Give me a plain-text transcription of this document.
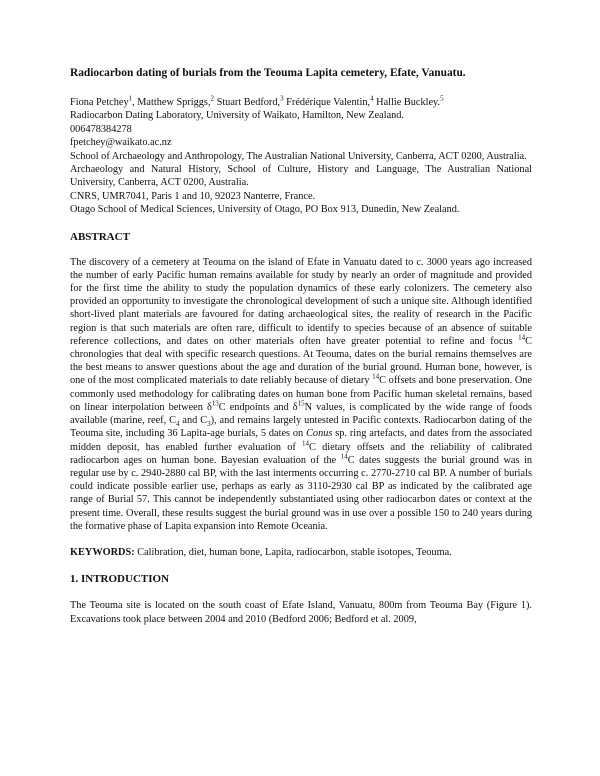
Radiocarbon dating of burials from the Teouma Lapita cemetery, Efate, Vanuatu.

Fiona Petchey$^1$, Matthew Spriggs,$^2$ Stuart Bedford,$^3$ Frédérique Valentin,$^4$ Hallie Buckley.$^5$

Radiocarbon Dating Laboratory, University of Waikato, Hamilton, New Zealand.

006478384278

fpetchey@waikato.ac.nz

School of Archaeology and Anthropology, The Australian National University, Canberra, ACT 0200, Australia.

Archaeology and Natural History, School of Culture, History and Language, The Australian National University, Canberra, ACT 0200, Australia.

CNRS, UMR7041, Paris 1 and 10, 92023 Nanterre, France.

Otago School of Medical Sciences, University of Otago, PO Box 913, Dunedin, New Zealand.

ABSTRACT

The discovery of a cemetery at Teouma on the island of Efate in Vanuatu dated to c. 3000 years ago increased the number of early Pacific human remains available for study by nearly an order of magnitude and provided for the first time the ability to study the population dynamics of these early colonizers. The cemetery also provided an opportunity to investigate the chronological development of such a unique site. Although identified short-lived plant materials are favoured for dating archaeological sites, the reality of research in the Pacific region is that such materials are often rare, difficult to identify to species because of an absence of suitable reference collections, and dates on other materials often have greater potential to refine and focus $^{14}$C chronologies that deal with specific research questions. At Teouma, dates on the burial remains themselves are the best means to answer questions about the age and duration of the burial ground. Human bone, however, is one of the most complicated materials to date reliably because of dietary $^{14}$C offsets and bone preservation. One commonly used methodology for calibrating dates on human bone from Pacific human skeletal remains, based on linear interpolation between $\delta^{13}C$ endpoints and $\delta^{15}N$ values, is complicated by the wide range of foods available (marine, reef, $C_4$ and $C_3$), and remains largely untested in Pacific contexts. Radiocarbon dating of the Teouma site, including 36 Lapita-age burials, 5 dates on Conus sp. ring artefacts, and dates from the associated midden deposit, has enabled further evaluation of $^{14}$C dietary offsets and the reliability of calibrated radiocarbon ages on human bone. Bayesian evaluation of the $^{14}$C dates suggests the burial ground was in regular use by c. 2940-2880 cal BP, with the last interments occurring c. 2770-2710 cal BP. A number of burials could indicate possible earlier use, perhaps as early as 3110-2930 cal BP as indicated by the calibrated age range of Burial 57. This cannot be independently substantiated using other radiocarbon dates or context at the present time. Overall, these results suggest the burial ground was in use over a possible 150 to 240 years during the formative phase of Lapita expansion into Remote Oceania.

KEYWORDS: Calibration, diet, human bone, Lapita, radiocarbon, stable isotopes, Teouma.

1. INTRODUCTION

The Teouma site is located on the south coast of Efate Island, Vanuatu, 800m from Teouma Bay (Figure 1). Excavations took place between 2004 and 2010 (Bedford 2006; Bedford et al. 2009,
